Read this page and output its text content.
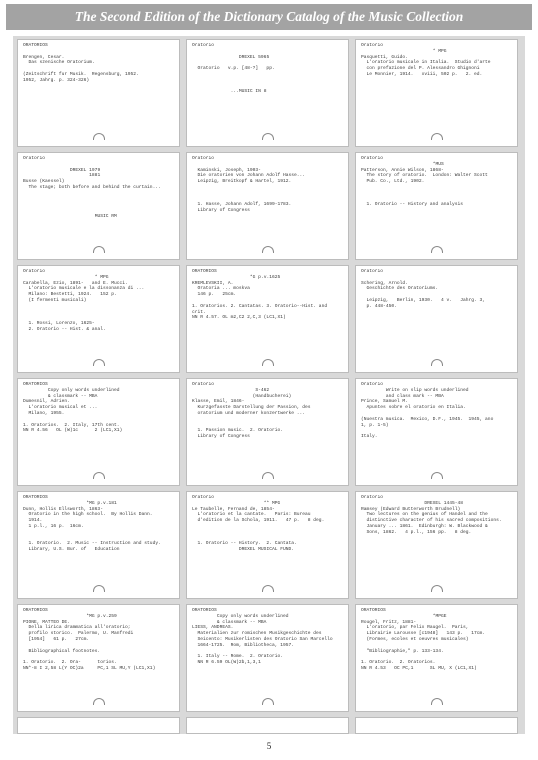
The Second Edition of the Dictionary Catalog of the Music Collection
ORATORIOS

Brengen, Cesar.
Das szenische Oratorium.

(Zeitschrift fur Musik.  Regensburg, 1952.
1952, Jahrg. p. 324-326)
Oratorio

DREXEL 5965

Oratorio   v.p. [48-?]   pp.

...MUSIC IN 8
Oratorio
* MPG
Pasquetti, Guido.
L'oratorio musicale in Italia.  Studio d'arte
con prefazione del P. Alessandro Ghignoni
Le Monnier, 1914.   xviii, 502 p.   2. ed.
Oratorio

DREXEL 1979
1881
Busse (Kaessel)
The stage; both before and behind the curtain...

MUSIC RM
Oratorio

Kaminski, Joseph, 1903-
Die oratorien von Johann Adolf Hasse...
Leipzig, Breitkopf & Hartel, 1912.

1. Hasse, Johann Adolf, 1699-1783.
Library of Congress
Oratorio
*MUS
Patterson, Annie Wilson, 1868-
The story of oratorio.  London: Walter Scott
Pub. Co., Ltd., 1902.

1. Oratorio -- History and analysis
Oratorio
* MPG
Carabella, Ezio, 1891-   and E. Mucci.
L'oratorio musicale e la dissonanza di ...
Milano: Bestetti, 1924.   152 p.
(I fermenti musicali)

1. Rossi, Lorenzo, 1625-
2. Oratorio -- Hist. & anal.
ORATORIOS
*G p.v.1625
KREMLEVSKII, A.
Oratoria ... moskva
146 p.   25cm.

1. Oratorios. 2. Cantatas. 3. Oratorio--Hist. and
crit.
NN R 4.57. OL m2,C2 2,C,3 (LC1,X1)
Oratorio

Schering, Arnold.
Geschichte des Oratoriums.

Leipzig,   Berlin, 1930.   4 v.   Jahrg. 3,
p. 448-450.
ORATORIOS
Copy only words underlined
& classmark -- MBA
Dumesnil, Adrien.
L'oratorio musical et ...
Milano, 1955.

1. Oratorios.  2. Italy, 17th cent.
NN R 4.56   OL (W)1c      2 (LC1,X1)
Oratorio
S-462
(Handbucherei)
Klasse, Emil, 1846-
Kurzgefasste Darstellung der Passion, des
oratorium und moderner konzertwerke ...

1. Passion music.  2. Oratorio.
Library of Congress
Oratorio
Write on slip words underlined
and class mark -- MBA
Prince, Samuel M.
Apuntes sobre el oratorio en Italia.

(Nuestra musica.  Mexico, D.F., 1945.  1945, ano
1, p. 1-5)

Italy.
ORATORIOS
*MG p.v.181
Dunn, Hollis Ellsworth, 1863-
Oratorio in the high school.  By Hollis Dann.
1914.
1 p.l., 16 p.  16cm.

1. Oratorio.  2. Music -- Instruction and study.
Library, U.S. Bur. of   Education
Oratorio
** MPG
Le Taubelle, Fernand de, 1854-
L'oratorio et la cantate.   Paris: Bureau
d'edition de la Schola, 1911.   47 p.   8 deg.

1. Oratorio -- History.  2. Cantata.
DREXEL MUSICAL FUND.
Oratorio
DREXEL 1445-48
Ramsey (Edward Butterworth Brudnell)
Two lectures on the genius of Handel and the
distinctive character of his sacred compositions.
January ... 1861.  Edinburgh: W. Blackwood &
Sons, 1862.   4 p.l., 156 pp.   8 deg.
ORATORIOS
*MG p.v.259
PIONE, MATTEO DE.
Della lirica drammatica all'oratorio;
profilo storico.  Palermo, U. Manfredi
[1954]   61 p.   27cm.

Bibliographical footnotes.

1. Oratorio.  2. Ora-      torios.
NN*-8 I 2,58 L(Y OC)2a     PC,1 SL MU,Y (LC1,X1)
ORATORIOS
Copy only words underlined
& classmark -- MBA
LIESS, ANDREAS.
Materialien zur romischen Musikgeschichte des
Seicento: Musikerlisten des Oratorio San Marcello
1664-1725.  Rom, Bibliotheca, 1957.

1. Italy -- Rome.  2. Oratorio.
NN R 6.59 OL(W)2b,1,3,1
ORATORIOS
*MPGE
Rougel, Fritz, 1881-
L'oratorio, par Felix Raugel.  Paris,
Librairie Larousse [c1948]   143 p.   17cm.
(Formes, ecoles et oeuvres musicales)

"Bibliographie," p. 133-134.

1. Oratorio.  2. Oratorios.
NN R 4.53   OC PC,1      SL MU, X (LC1,X1)
5
